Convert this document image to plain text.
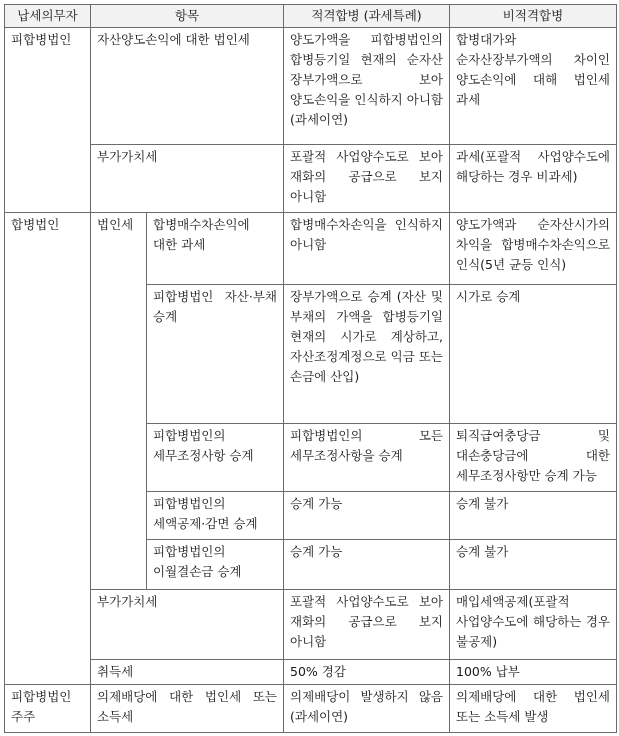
납세의무자	항목		적격합병 (과세특례)	비적격합병
피합병법인	자산양도손익에 대한 법인세		양도가액을 피합병법인의 합병등기일 현재의 순자산 장부가액으로 보아 양도손익을 인식하지 아니함(과세이연)	합병대가와 순자산장부가액의 차이인 양도손익에 대해 법인세 과세
	부가가치세		포괄적 사업양수도로 보아 재화의 공급으로 보지 아니함	과세(포괄적 사업양수도에 해당하는 경우 비과세)
합병법인	법인세	합병매수차손익에 대한 과세	합병매수차손익을 인식하지 아니함	양도가액과 순자산시가의 차익을 합병매수차손익으로 인식(5년 균등 인식)
		피합병법인 자산·부채 승계	장부가액으로 승계 (자산 및 부채의 가액을 합병등기일 현재의 시가로 계상하고, 자산조정계정으로 익금 또는 손금에 산입)	시가로 승계
		피합병법인의 세무조정사항 승계	피합병법인의 모든 세무조정사항을 승계	퇴직급여충당금 및 대손충당금에 대한 세무조정사항만 승계 가능
		피합병법인의 세액공제·감면 승계	승계 가능	승계 불가
		피합병법인의 이월결손금 승계	승계 가능	승계 불가
	부가가치세		포괄적 사업양수도로 보아 재화의 공급으로 보지 아니함	매입세액공제(포괄적 사업양수도에 해당하는 경우 불공제)
	취득세		50% 경감	100% 납부
피합병법인 주주	의제배당에 대한 법인세 또는 소득세		의제배당이 발생하지 않음(과세이연)	의제배당에 대한 법인세 또는 소득세 발생
